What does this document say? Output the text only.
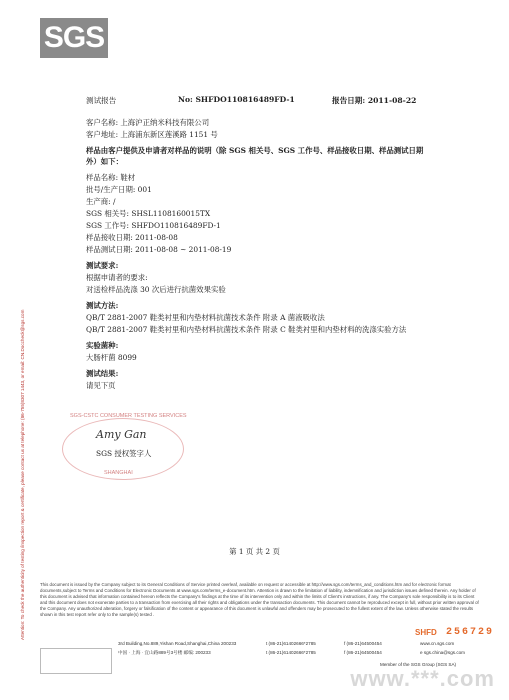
SGS
Attention: To check the authenticity of testing /inspection report & certificate, please contact us at telephone: (86-755)8307 1443, or email: CN.Doccheck@sgs.com
测试报告	No: SHFDO110816489FD-1	报告日期: 2011-08-22
客户名称: 上海沪正纳米科技有限公司
客户地址: 上海浦东新区莲溪路 1151 号
样品由客户提供及申请者对样品的说明（除 SGS 相关号、SGS 工作号、样品接收日期、样品测试日期
外）如下：
样品名称: 鞋材
批号/生产日期: 001
生产商: /
SGS 相关号: SHSL1108160015TX
SGS 工作号: SHFDO110816489FD-1
样品接收日期: 2011-08-08
样品测试日期: 2011-08-08 ~ 2011-08-19
测试要求:
根据申请者的要求:
对送检样品洗涤 30 次后进行抗菌效果实验
测试方法:
QB/T 2881-2007 鞋类衬里和内垫材料抗菌技术条件 附录 A 菌液吸收法
QB/T 2881-2007 鞋类衬里和内垫材料抗菌技术条件 附录 C 鞋类衬里和内垫材料的洗涤实验方法
实验菌种:
大肠杆菌 8099
测试结果:
请见下页
SGS-CSTC CONSUMER TESTING SERVICES
SHANGHAI
Amy Gan
SGS 授权签字人
第 1 页 共 2 页
This document is issued by the Company subject to its General Conditions of Service printed overleaf, available on request or accessible at http://www.sgs.com/terms_and_conditions.htm and for electronic format documents,subject to Terms and Conditions for Electronic Documents at www.sgs.com/terms_e-document.htm. Attention is drawn to the limitation of liability, indemnification and jurisdiction issues defined therein. Any holder of this document is advised that information contained hereon reflects the Company's findings at the time of its intervention only and within the limits of Client's instructions, if any. The Company's sole responsibility is to its Client and this document does not exonerate parties to a transaction from exercising all their rights and obligations under the transaction documents. This document cannot be reproduced except in full, without prior written approval of the Company. Any unauthorized alteration, forgery or falsification of the content or appearance of this document is unlawful and offenders may be prosecuted to the fullest extent of the law. Unless otherwise stated the results shown in this test report refer only to the sample(s) tested .
SHFD 256729
3rd Building,No.889,Yishan Road,Shanghai,China 200233
中国 · 上海 · 宜山路889号3号楼 邮编: 200233
t (86-21)61402666*2785
t (86-21)61402666*2785
f (86-21)64500454
f (86-21)64500454
www.cn.sgs.com
e sgs.china@sgs.com
Member of the SGS Group (SGS SA)
www.***.com
